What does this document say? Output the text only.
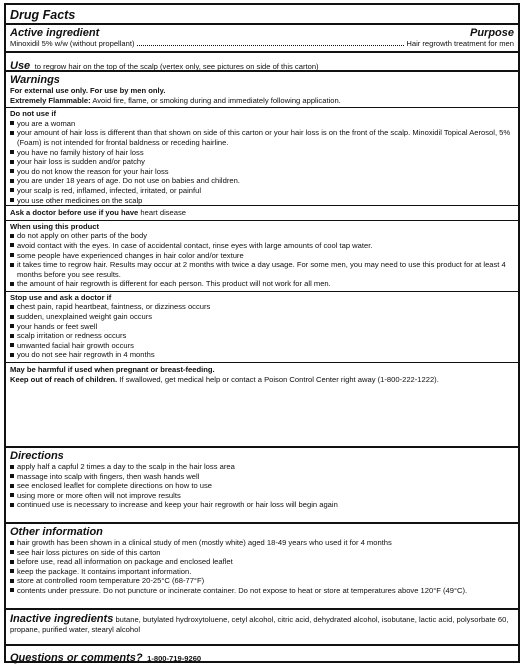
Drug Facts
Active ingredient	Purpose
Minoxidil 5% w/w (without propellant)	Hair regrowth treatment for men
Use to regrow hair on the top of the scalp (vertex only, see pictures on side of this carton)
Warnings
For external use only. For use by men only.
Extremely Flammable: Avoid fire, flame, or smoking during and immediately following application.
Do not use if
you are a woman
your amount of hair loss is different than that shown on side of this carton or your hair loss is on the front of the scalp. Minoxidil Topical Aerosol, 5% (Foam) is not intended for frontal baldness or receding hairline.
you have no family history of hair loss
your hair loss is sudden and/or patchy
you do not know the reason for your hair loss
you are under 18 years of age. Do not use on babies and children.
your scalp is red, inflamed, infected, irritated, or painful
you use other medicines on the scalp
Ask a doctor before use if you have heart disease
When using this product
do not apply on other parts of the body
avoid contact with the eyes. In case of accidental contact, rinse eyes with large amounts of cool tap water.
some people have experienced changes in hair color and/or texture
it takes time to regrow hair. Results may occur at 2 months with twice a day usage. For some men, you may need to use this product for at least 4 months before you see results.
the amount of hair regrowth is different for each person. This product will not work for all men.
Stop use and ask a doctor if
chest pain, rapid heartbeat, faintness, or dizziness occurs
sudden, unexplained weight gain occurs
your hands or feet swell
scalp irritation or redness occurs
unwanted facial hair growth occurs
you do not see hair regrowth in 4 months
May be harmful if used when pregnant or breast-feeding.
Keep out of reach of children. If swallowed, get medical help or contact a Poison Control Center right away (1-800-222-1222).
Directions
apply half a capful 2 times a day to the scalp in the hair loss area
massage into scalp with fingers, then wash hands well
see enclosed leaflet for complete directions on how to use
using more or more often will not improve results
continued use is necessary to increase and keep your hair regrowth or hair loss will begin again
Other information
hair growth has been shown in a clinical study of men (mostly white) aged 18-49 years who used it for 4 months
see hair loss pictures on side of this carton
before use, read all information on package and enclosed leaflet
keep the package. It contains important information.
store at controlled room temperature 20-25°C (68-77°F)
contents under pressure. Do not puncture or incinerate container. Do not expose to heat or store at temperatures above 120°F (49°C).
Inactive ingredients butane, butylated hydroxytoluene, cetyl alcohol, citric acid, dehydrated alcohol, isobutane, lactic acid, polysorbate 60, propane, purified water, stearyl alcohol
Questions or comments? 1-800-719-9260
